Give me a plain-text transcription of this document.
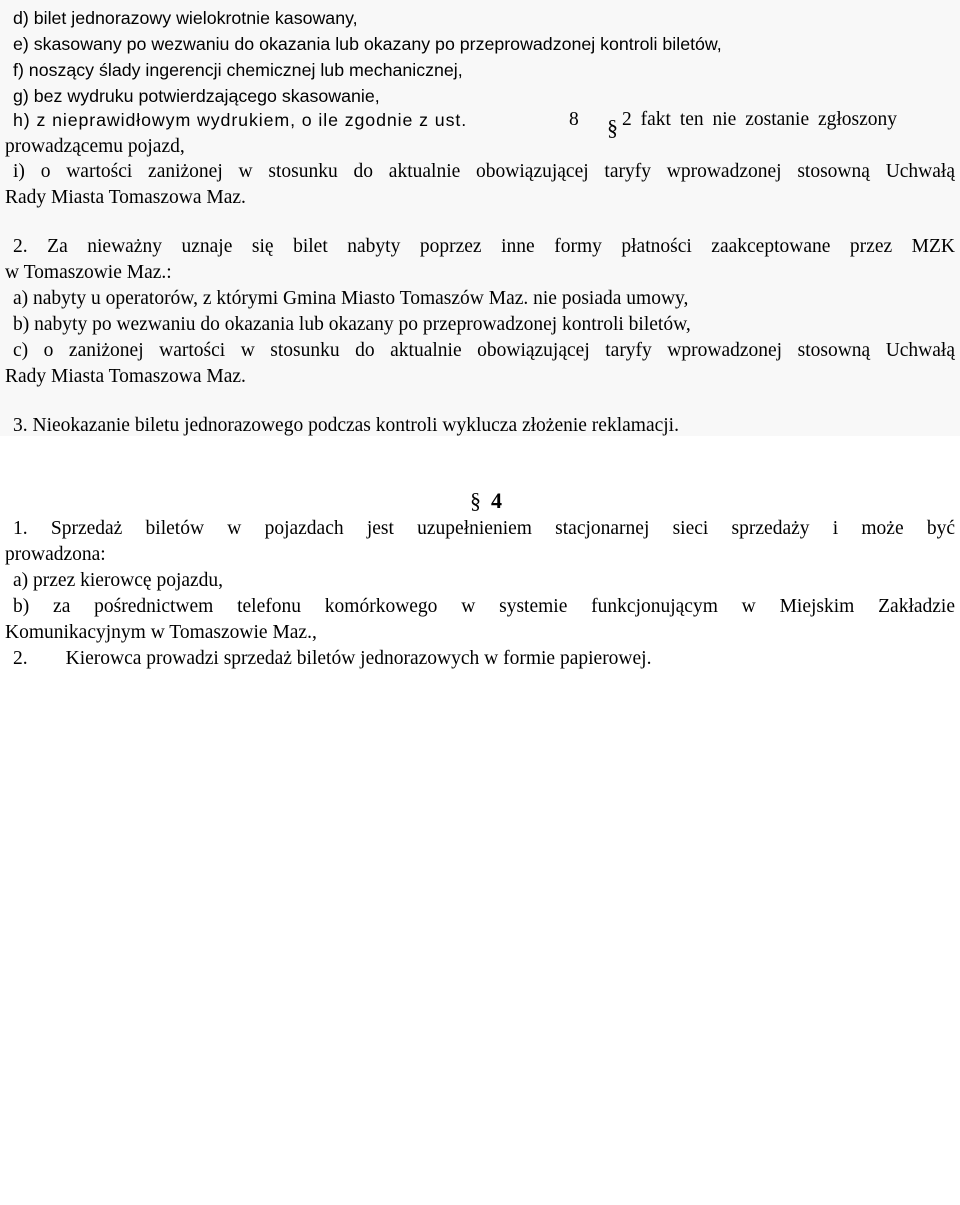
d) bilet jednorazowy wielokrotnie kasowany,
e) skasowany po wezwaniu do okazania lub okazany po przeprowadzonej kontroli biletów,
f) noszący ślady ingerencji chemicznej lub mechanicznej,
g) bez wydruku potwierdzającego skasowanie,
h) z nieprawidłowym wydrukiem, o ile zgodnie z ust.	8 § 2 fakt ten nie zostanie zgłoszony
prowadzącemu pojazd,
i) o wartości zaniżonej w stosunku do aktualnie obowiązującej taryfy wprowadzonej stosowną Uchwałą
Rady Miasta Tomaszowa Maz.
2. Za nieważny uznaje się bilet nabyty poprzez inne formy płatności zaakceptowane przez MZK
w Tomaszowie Maz.:
a) nabyty u operatorów, z którymi Gmina Miasto Tomaszów Maz. nie posiada umowy,
b) nabyty po wezwaniu do okazania lub okazany po przeprowadzonej kontroli biletów,
c) o zaniżonej wartości w stosunku do aktualnie obowiązującej taryfy wprowadzonej stosowną Uchwałą
Rady Miasta Tomaszowa Maz.
3. Nieokazanie biletu jednorazowego podczas kontroli wyklucza złożenie reklamacji.
§ 4
1. Sprzedaż biletów w pojazdach jest uzupełnieniem stacjonarnej sieci sprzedaży i może być
prowadzona:
a) przez kierowcę pojazdu,
b) za pośrednictwem telefonu komórkowego w systemie funkcjonującym w Miejskim Zakładzie
Komunikacyjnym w Tomaszowie Maz.,
2. Kierowca prowadzi sprzedaż biletów jednorazowych w formie papierowej.
